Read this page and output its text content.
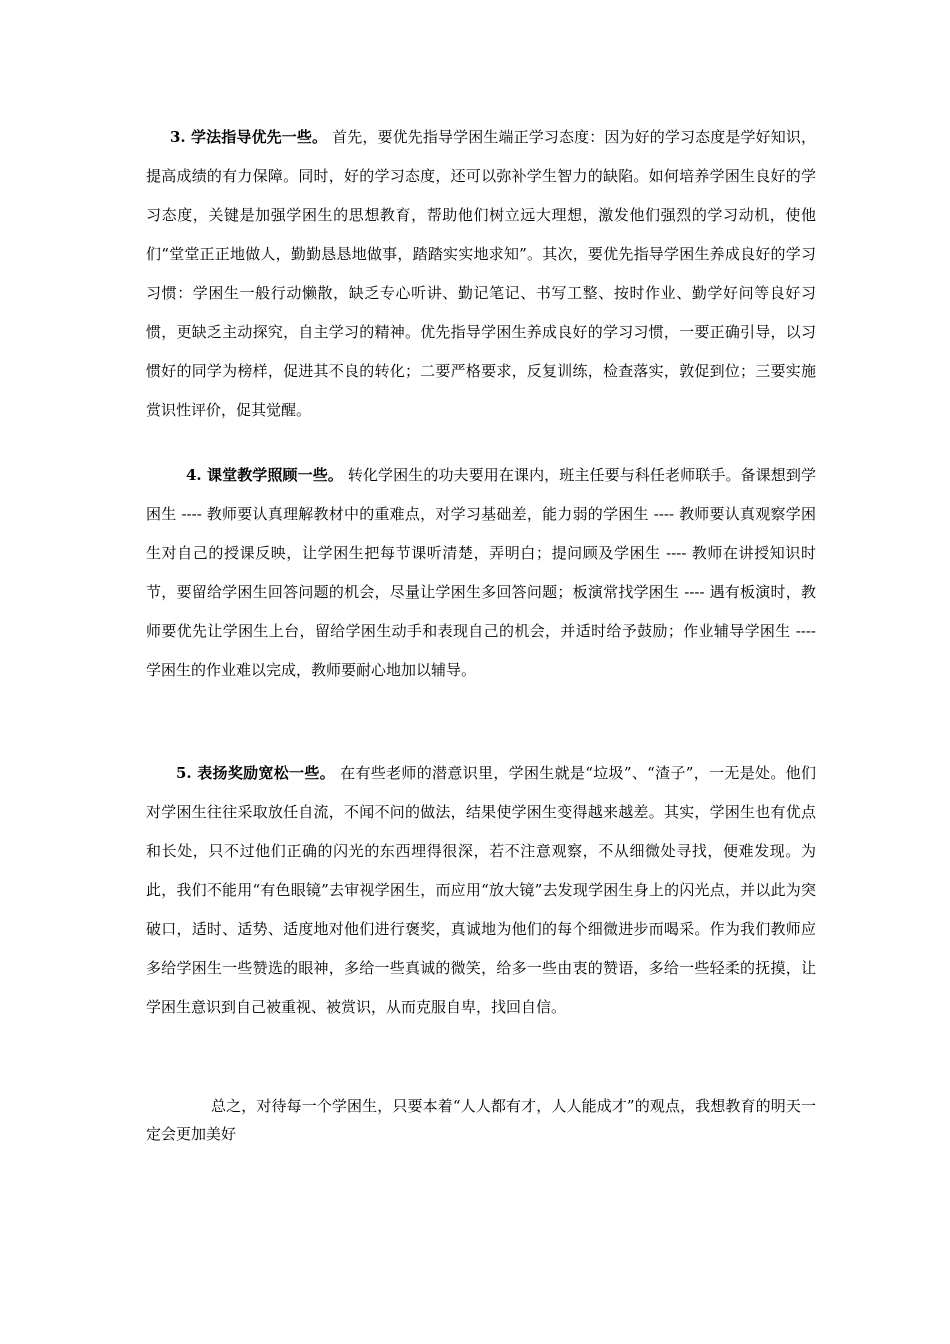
3. 学法指导优先一些。 首先，要优先指导学困生端正学习态度：因为好的学习态度是学好知识，提高成绩的有力保障。同时，好的学习态度，还可以弥补学生智力的缺陷。如何培养学困生良好的学习态度，关键是加强学困生的思想教育，帮助他们树立远大理想，激发他们强烈的学习动机，使他们“堂堂正正地做人，勤勤恳恳地做事，踏踏实实地求知”。其次，要优先指导学困生养成良好的学习习惯：学困生一般行动懒散，缺乏专心听讲、勤记笔记、书写工整、按时作业、勤学好问等良好习惯，更缺乏主动探究，自主学习的精神。优先指导学困生养成良好的学习习惯，一要正确引导，以习惯好的同学为榜样，促进其不良的转化；二要严格要求，反复训练，检查落实，敦促到位；三要实施赏识性评价，促其觉醒。

4. 课堂教学照顾一些。 转化学困生的功夫要用在课内，班主任要与科任老师联手。备课想到学困生 ---- 教师要认真理解教材中的重难点，对学习基础差，能力弱的学困生 ---- 教师要认真观察学困生对自己的授课反映，让学困生把每节课听清楚，弄明白；提问顾及学困生 ---- 教师在讲授知识时节，要留给学困生回答问题的机会，尽量让学困生多回答问题；板演常找学困生 ---- 遇有板演时，教师要优先让学困生上台，留给学困生动手和表现自己的机会，并适时给予鼓励；作业辅导学困生 ---- 学困生的作业难以完成，教师要耐心地加以辅导。

5. 表扬奖励宽松一些。 在有些老师的潜意识里，学困生就是“垃圾”、“渣子”，一无是处。他们对学困生往往采取放任自流，不闻不问的做法，结果使学困生变得越来越差。其实，学困生也有优点和长处，只不过他们正确的闪光的东西埋得很深，若不注意观察，不从细微处寻找，便难发现。为此，我们不能用“有色眼镜”去审视学困生，而应用“放大镜”去发现学困生身上的闪光点，并以此为突破口，适时、适势、适度地对他们进行褒奖，真诚地为他们的每个细微进步而喝采。作为我们教师应多给学困生一些赞选的眼神，多给一些真诚的微笑，给多一些由衷的赞语，多给一些轻柔的抚摸，让学困生意识到自己被重视、被赏识，从而克服自卑，找回自信。

总之，对待每一个学困生，只要本着“人人都有才，人人能成才”的观点，我想教育的明天一定会更加美好
